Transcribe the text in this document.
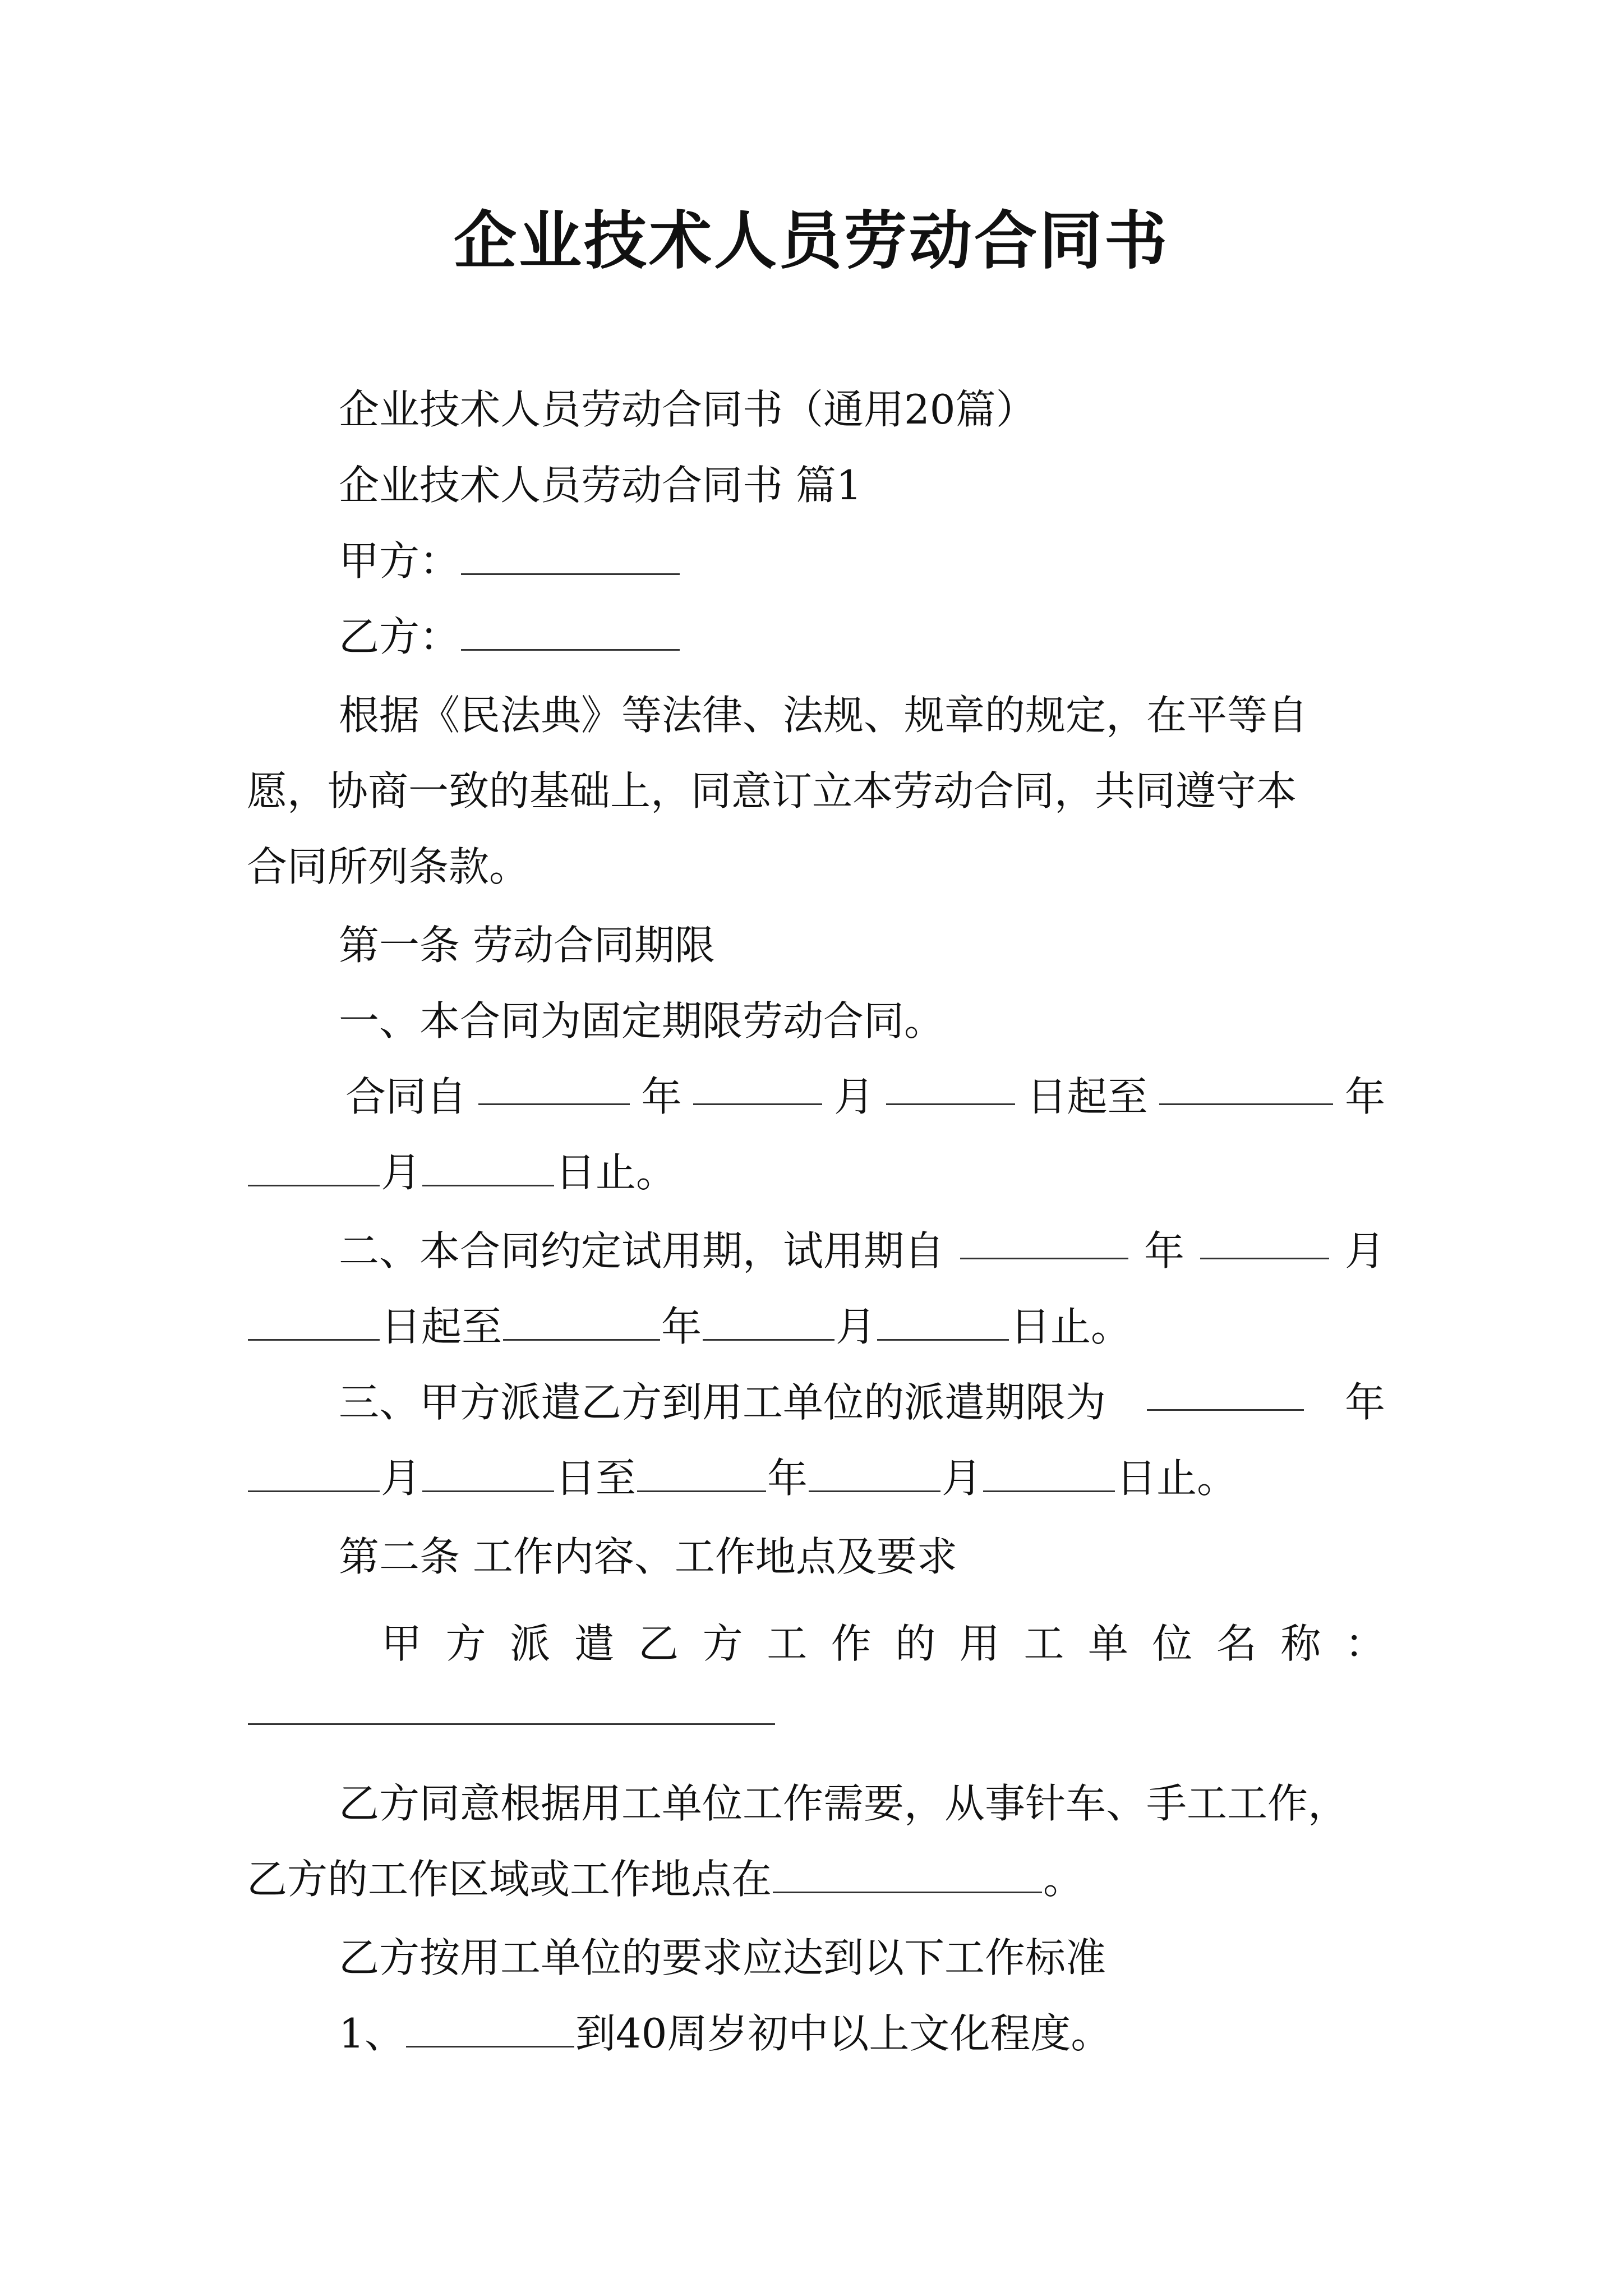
企业技术人员劳动合同书
企业技术人员劳动合同书（通用20篇）
企业技术人员劳动合同书 篇1
甲方：
乙方：
根据《民法典》等法律、法规、规章的规定，在平等自
愿，协商一致的基础上，同意订立本劳动合同，共同遵守本
合同所列条款。
第一条 劳动合同期限
一、本合同为固定期限劳动合同。
合同自	年	月	日起至	年
月	日止。
二、本合同约定试用期，试用期自	年	月
日起至	年	月	日止。
三、甲方派遣乙方到用工单位的派遣期限为	年
月	日至	年	月	日止。
第二条 工作内容、工作地点及要求
甲 方 派 遣 乙 方 工 作 的 用 工 单 位 名 称 ：
乙方同意根据用工单位工作需要，从事针车、手工工作，
乙方的工作区域或工作地点在	。
乙方按用工单位的要求应达到以下工作标准
1、	到40周岁初中以上文化程度。
